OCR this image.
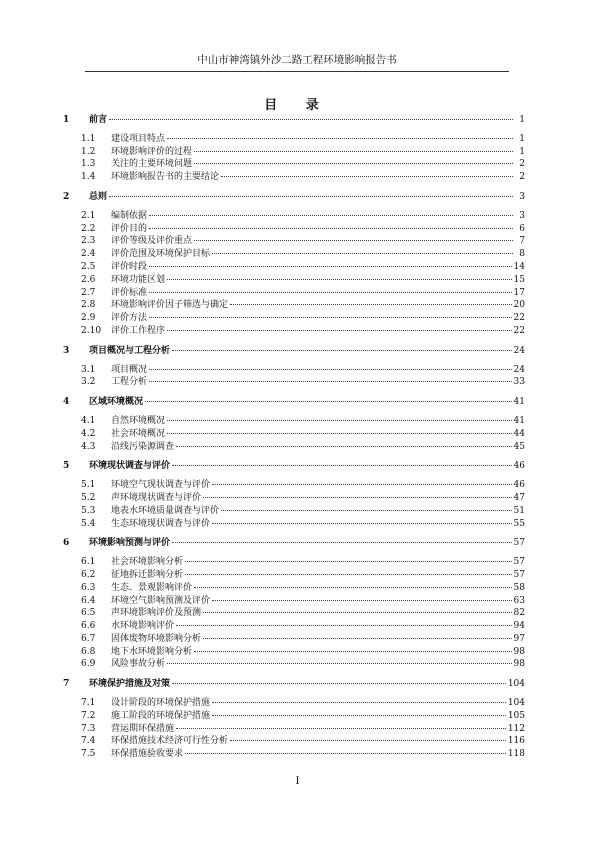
中山市神湾镇外沙二路工程环境影响报告书
目 录
1	前言	1
1.1	建设项目特点	1
1.2	环境影响评价的过程	1
1.3	关注的主要环境问题	2
1.4	环境影响报告书的主要结论	2
2	总则	3
2.1	编制依据	3
2.2	评价目的	6
2.3	评价等级及评价重点	7
2.4	评价范围及环境保护目标	8
2.5	评价时段	14
2.6	环境功能区划	15
2.7	评价标准	17
2.8	环境影响评价因子筛选与确定	20
2.9	评价方法	22
2.10	评价工作程序	22
3	项目概况与工程分析	24
3.1	项目概况	24
3.2	工程分析	33
4	区域环境概况	41
4.1	自然环境概况	41
4.2	社会环境概况	44
4.3	沿线污染源调查	45
5	环境现状调查与评价	46
5.1	环境空气现状调查与评价	46
5.2	声环境现状调查与评价	47
5.3	地表水环境质量调查与评价	51
5.4	生态环境现状调查与评价	55
6	环境影响预测与评价	57
6.1	社会环境影响分析	57
6.2	征地拆迁影响分析	57
6.3	生态、景观影响评价	58
6.4	环境空气影响预测及评价	63
6.5	声环境影响评价及预测	82
6.6	水环境影响评价	94
6.7	固体废物环境影响分析	97
6.8	地下水环境影响分析	98
6.9	风险事故分析	98
7	环境保护措施及对策	104
7.1	设计阶段的环境保护措施	104
7.2	施工阶段的环境保护措施	105
7.3	营运期环保措施	112
7.4	环保措施技术经济可行性分析	116
7.5	环保措施验收要求	118
I
